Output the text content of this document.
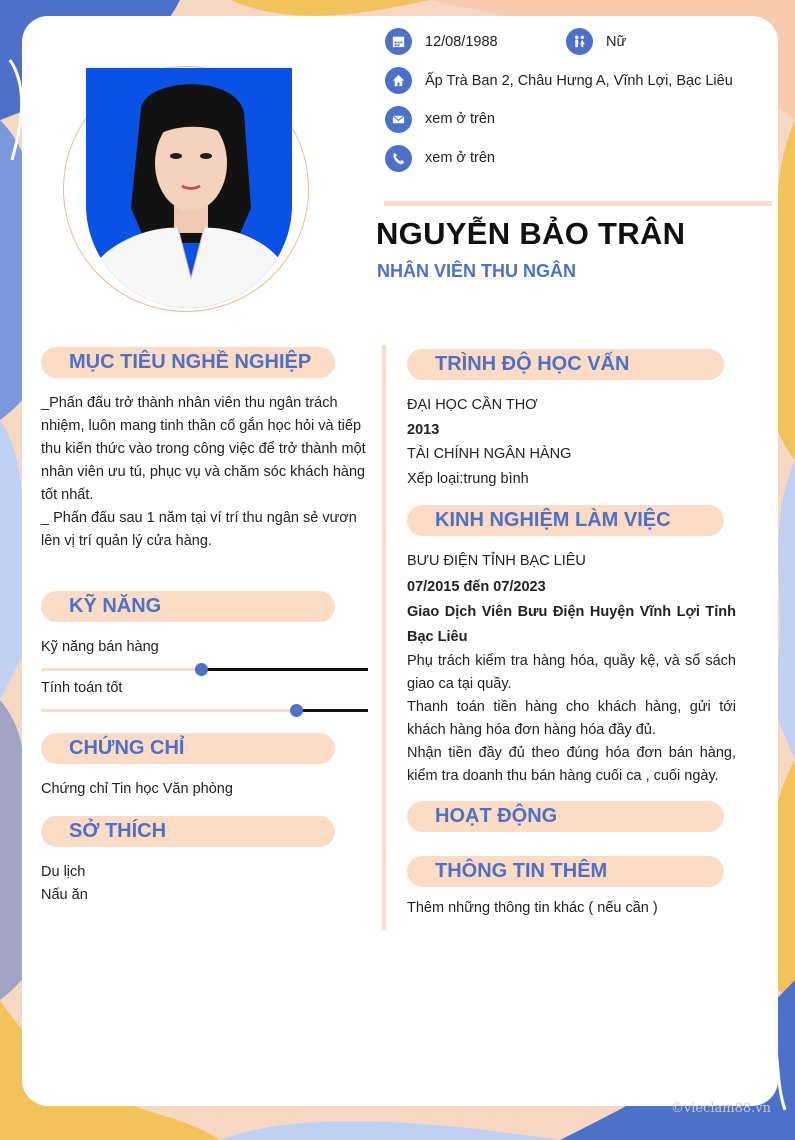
12/08/1988	Nữ
Ấp Trà Ban 2, Châu Hưng A, Vĩnh Lợi, Bạc Liêu
xem ở trên
xem ở trên
NGUYỄN BẢO TRÂN
NHÂN VIÊN THU NGÂN
MỤC TIÊU NGHỀ NGHIỆP
_Phấn đấu trở thành nhân viên thu ngân trách nhiệm, luôn mang tinh thần cố gắn học hỏi và tiếp thu kiến thức vào trong công việc để trở thành một nhân viên ưu tú, phục vụ và chăm sóc khách hàng tốt nhất.
_ Phấn đấu sau 1 năm tại ví trí thu ngân sẻ vươn lên vị trí quản lý cửa hàng.
KỸ NĂNG
Kỹ năng bán hàng
Tính toán tốt
CHỨNG CHỈ
Chứng chỉ Tin học Văn phòng
SỞ THÍCH
Du lịch
Nấu ăn
TRÌNH ĐỘ HỌC VẤN
ĐẠI HỌC CẦN THƠ
2013
TÀI CHÍNH NGÂN HÀNG
Xếp loại:trung bình
KINH NGHIỆM LÀM VIỆC
BƯU ĐIỆN TỈNH BẠC LIÊU
07/2015 đến 07/2023
Giao Dịch Viên Bưu Điện Huyện Vĩnh Lợi Tỉnh Bạc Liêu
Phụ trách kiểm tra hàng hóa, quầy kệ, và sổ sách giao ca tại quầy.
Thanh toán tiền hàng cho khách hàng, gửi tới khách hàng hóa đơn hàng hóa đầy đủ.
Nhận tiền đầy đủ theo đúng hóa đơn bán hàng, kiểm tra doanh thu bán hàng cuối ca , cuối ngày.
HOẠT ĐỘNG
THÔNG TIN THÊM
Thêm những thông tin khác ( nếu cần )
©vieclam88.vn
